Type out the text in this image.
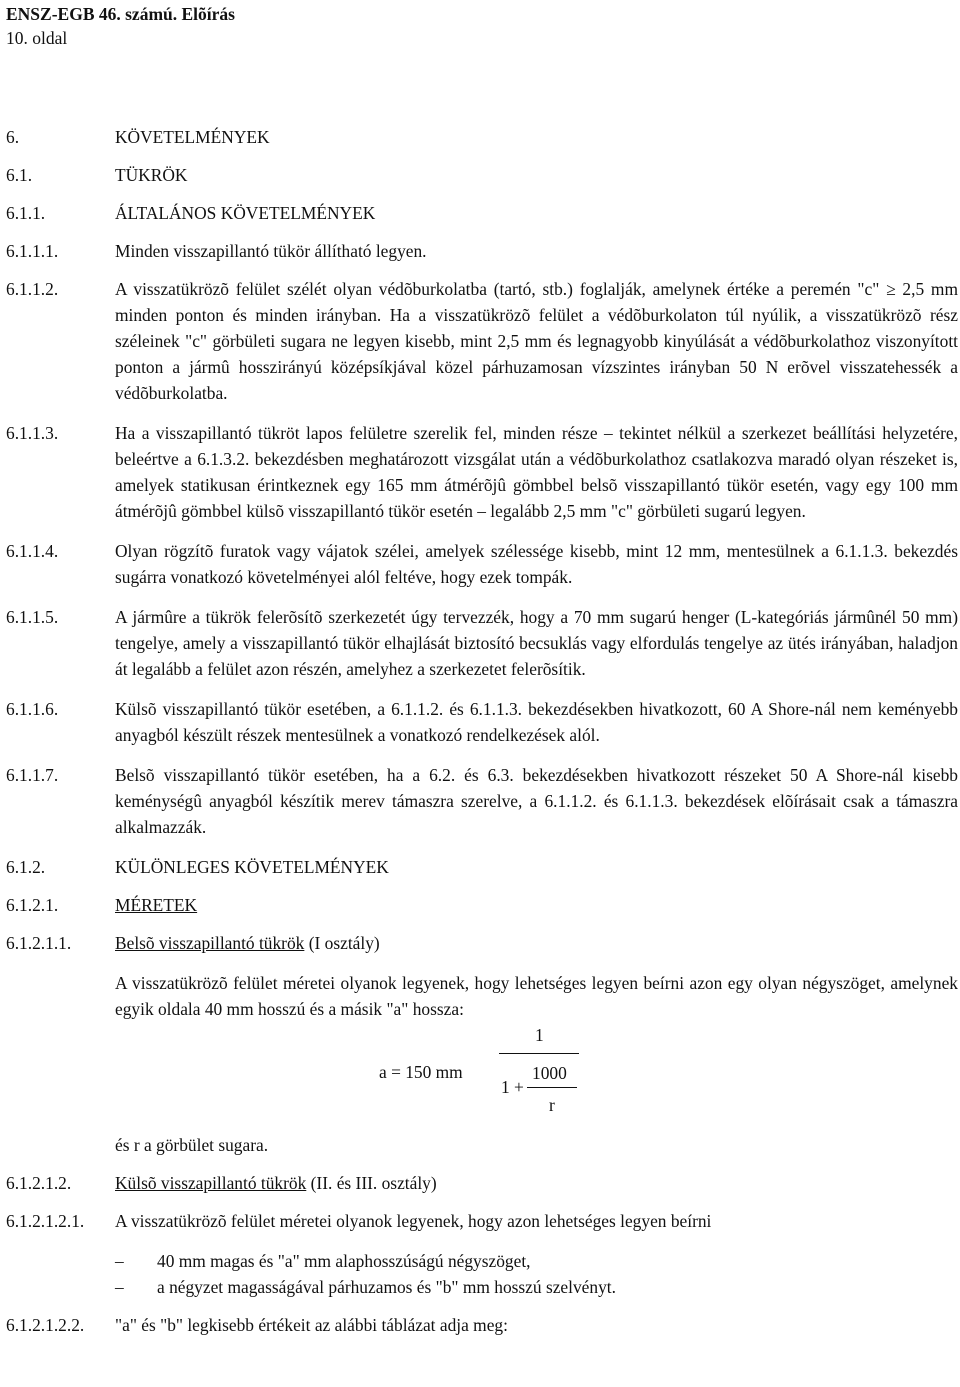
ENSZ-EGB 46. számú. Elõírás
10. oldal
6.	KÖVETELMÉNYEK
6.1.	TÜKRÖK
6.1.1.	ÁLTALÁNOS KÖVETELMÉNYEK
6.1.1.1.	Minden visszapillantó tükör állítható legyen.
6.1.1.2.	A visszatükrözõ felület szélét olyan védõburkolatba (tartó, stb.) foglalják, amelynek értéke a peremén "c" ≥ 2,5 mm minden ponton és minden irányban. Ha a visszatükrözõ felület a védõburkolaton túl nyúlik, a visszatükrözõ rész széleinek "c" görbületi sugara ne legyen kisebb, mint 2,5 mm és legnagyobb kinyúlását a védõburkolathoz viszonyított ponton a jármû hosszirányú középsíkjával közel párhuzamosan vízszintes irányban 50 N erõvel visszatehessék a védõburkolatba.
6.1.1.3.	Ha a visszapillantó tükröt lapos felületre szerelik fel, minden része – tekintet nélkül a szerkezet beállítási helyzetére, beleértve a 6.1.3.2. bekezdésben meghatározott vizsgálat után a védõburkolathoz csatlakozva maradó olyan részeket is, amelyek statikusan érintkeznek egy 165 mm átmérõjû gömbbel belsõ visszapillantó tükör esetén, vagy egy 100 mm átmérõjû gömbbel külsõ visszapillantó tükör esetén – legalább 2,5 mm "c" görbületi sugarú legyen.
6.1.1.4.	Olyan rögzítõ furatok vagy vájatok szélei, amelyek szélessége kisebb, mint 12 mm, mentesülnek a 6.1.1.3. bekezdés sugárra vonatkozó követelményei alól feltéve, hogy ezek tompák.
6.1.1.5.	A jármûre a tükrök felerõsítõ szerkezetét úgy tervezzék, hogy a 70 mm sugarú henger (L-kategóriás jármûnél 50 mm) tengelye, amely a visszapillantó tükör elhajlását biztosító becsuklás vagy elfordulás tengelye az ütés irányában, haladjon át legalább a felület azon részén, amelyhez a szerkezetet felerõsítik.
6.1.1.6.	Külsõ visszapillantó tükör esetében, a 6.1.1.2. és 6.1.1.3. bekezdésekben hivatkozott, 60 A Shore-nál nem keményebb anyagból készült részek mentesülnek a vonatkozó rendelkezések alól.
6.1.1.7.	Belsõ visszapillantó tükör esetében, ha a 6.2. és 6.3. bekezdésekben hivatkozott részeket 50 A Shore-nál kisebb keménységû anyagból készítik merev támaszra szerelve, a 6.1.1.2. és 6.1.1.3. bekezdések elõírásait csak a támaszra alkalmazzák.
6.1.2.	KÜLÖNLEGES KÖVETELMÉNYEK
6.1.2.1.	MÉRETEK
6.1.2.1.1.	Belsõ visszapillantó tükrök (I osztály)
A visszatükrözõ felület méretei olyanok legyenek, hogy lehetséges legyen beírni azon egy olyan négyszöget, amelynek egyik oldala 40 mm hosszú és a másik "a" hossza:
a = 150 mm
1
1000
1 +
r
és r a görbület sugara.
6.1.2.1.2.	Külsõ visszapillantó tükrök (II. és III. osztály)
6.1.2.1.2.1.	A visszatükrözõ felület méretei olyanok legyenek, hogy azon lehetséges legyen beírni
–	40 mm magas és "a" mm alaphosszúságú négyszöget,
–	a négyzet magasságával párhuzamos és "b" mm hosszú szelvényt.
6.1.2.1.2.2.	"a" és "b" legkisebb értékeit az alábbi táblázat adja meg:
